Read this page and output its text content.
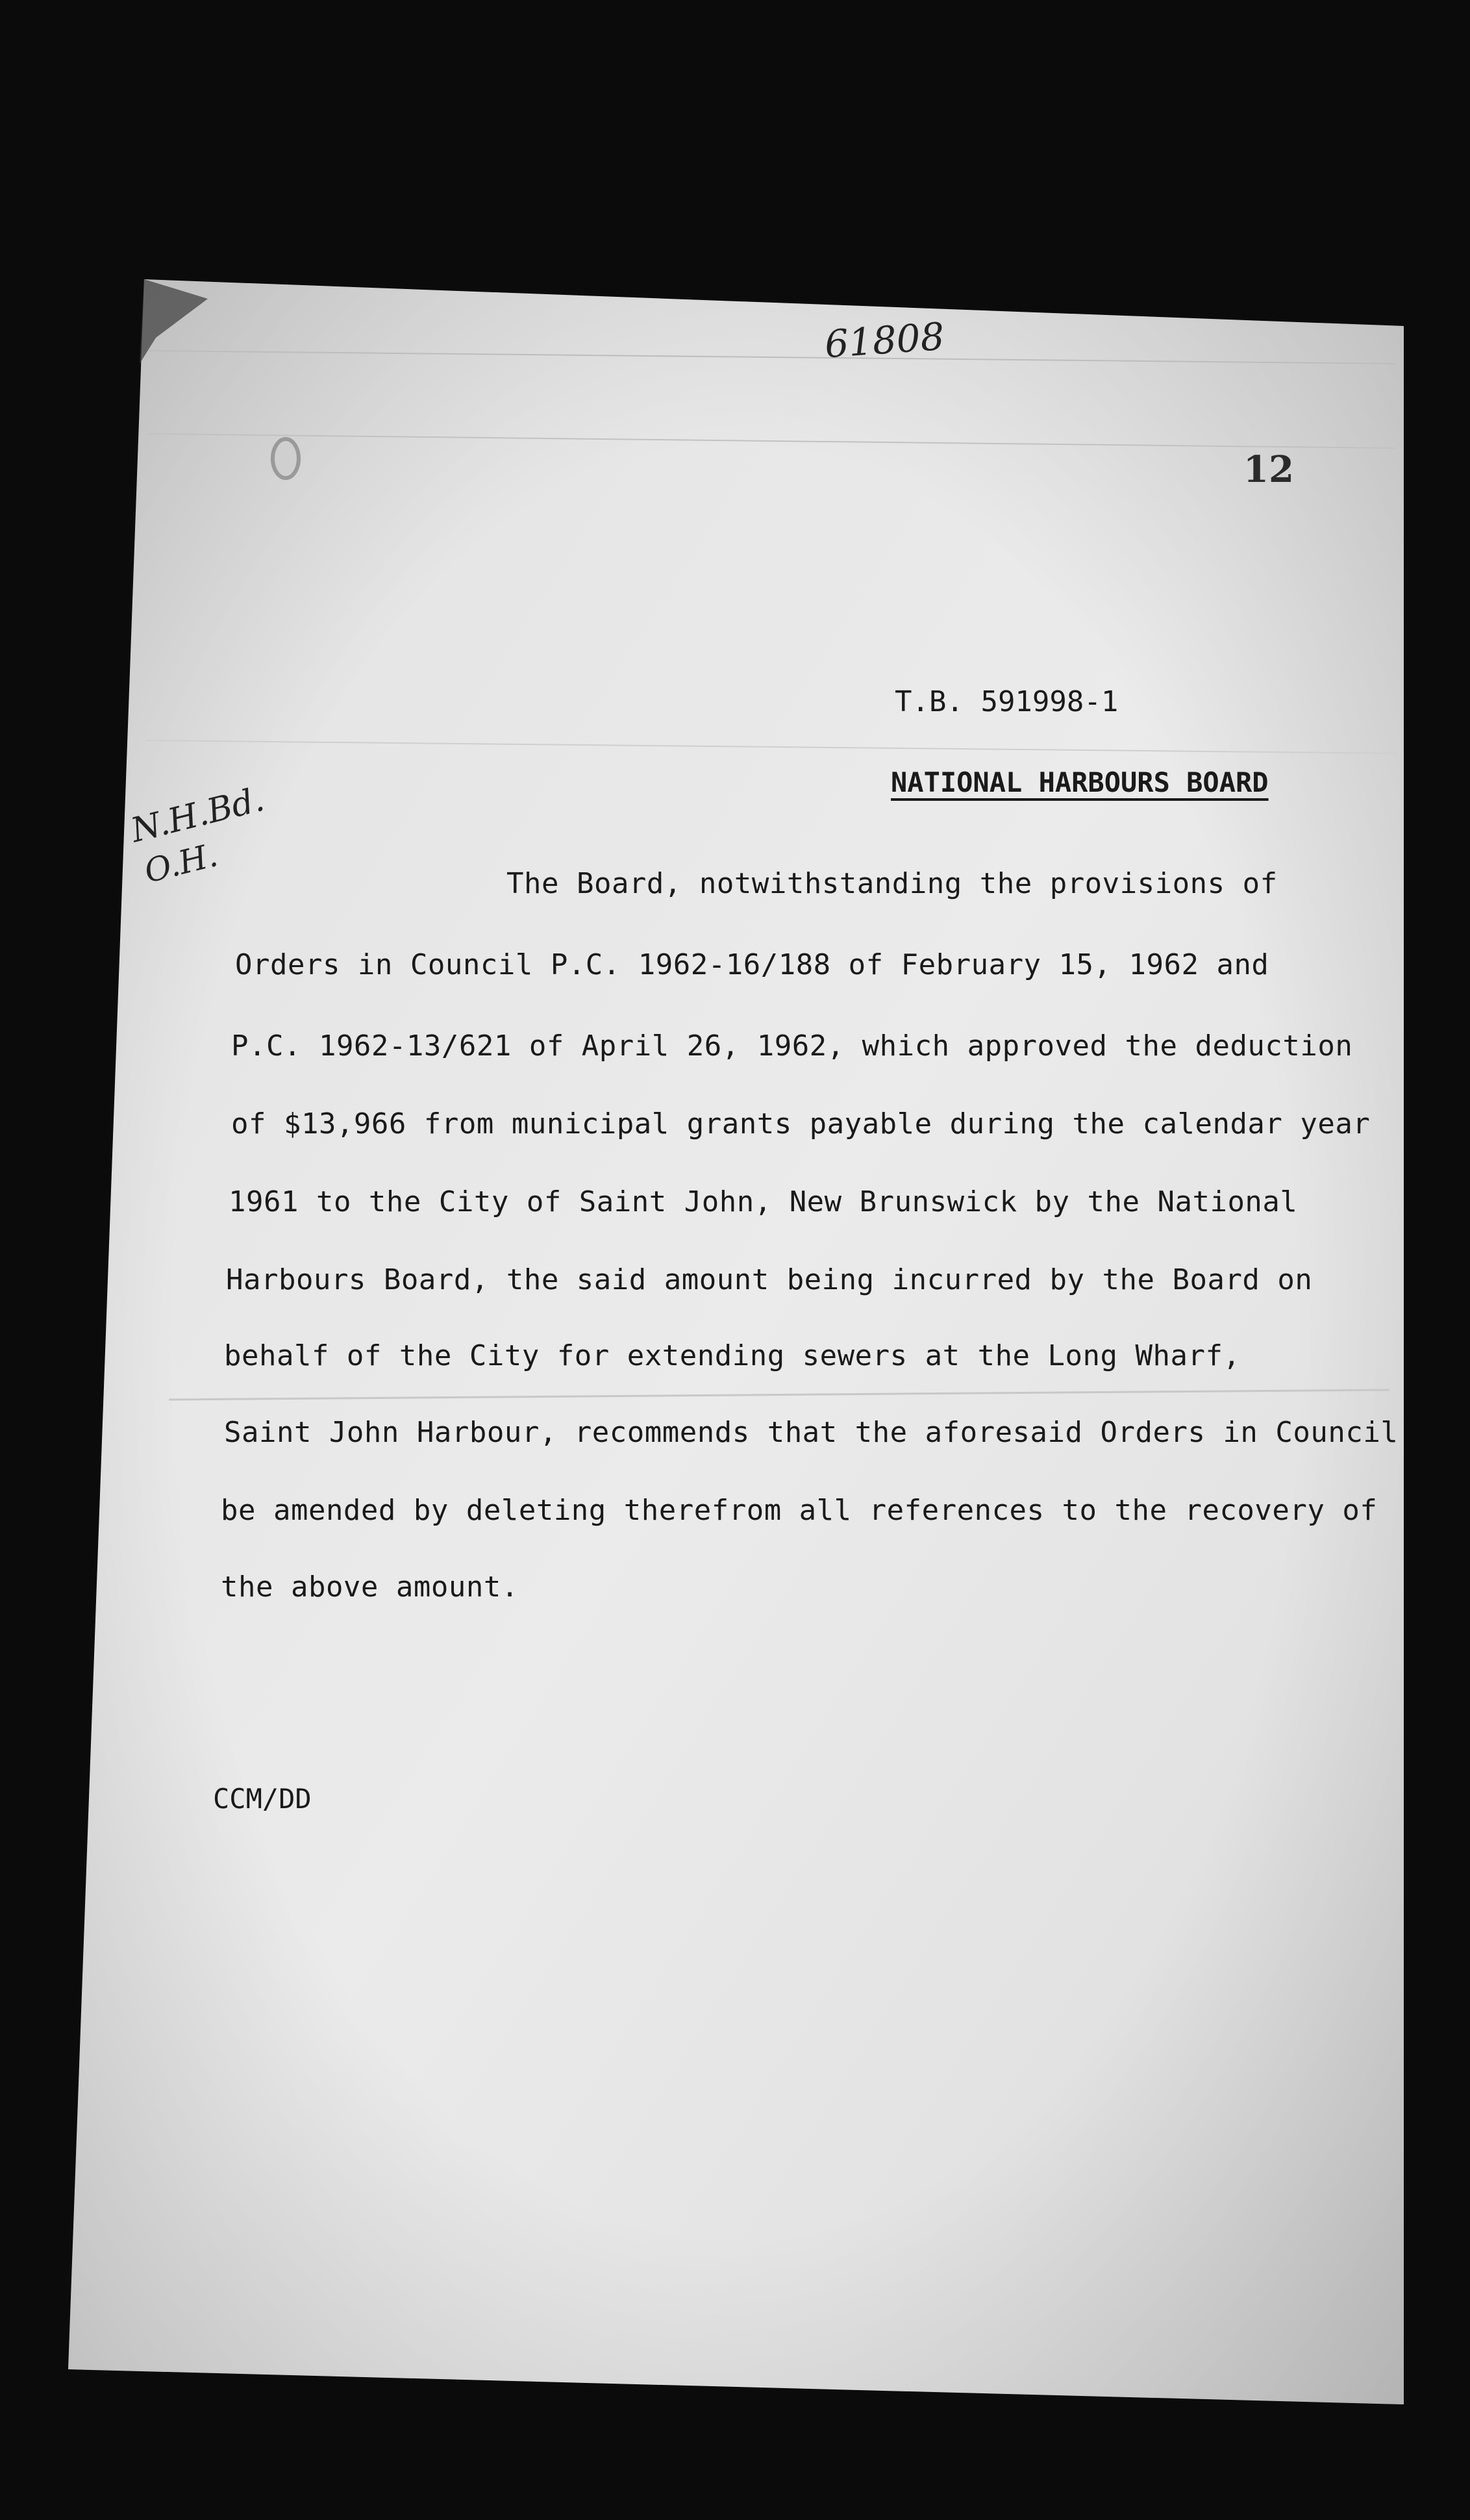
61808
12
N.H.Bd.
O.H.
T.B. 591998-1
NATIONAL HARBOURS BOARD
The Board, notwithstanding the provisions of
Orders in Council P.C. 1962-16/188 of February 15, 1962 and
P.C. 1962-13/621 of April 26, 1962, which approved the deduction
of $13,966 from municipal grants payable during the calendar year
1961 to the City of Saint John, New Brunswick by the National
Harbours Board, the said amount being incurred by the Board on
behalf of the City for extending sewers at the Long Wharf,
Saint John Harbour, recommends that the aforesaid Orders in Council
be amended by deleting therefrom all references to the recovery of
the above amount.
CCM/DD
